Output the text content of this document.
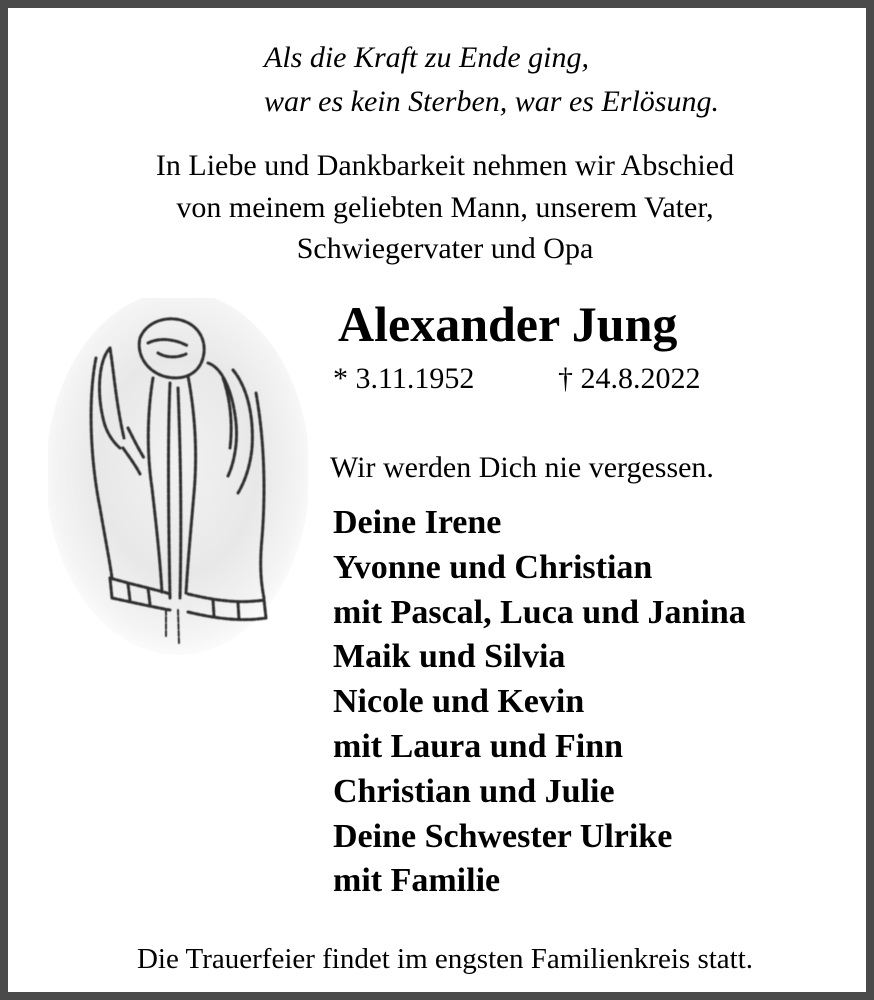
Als die Kraft zu Ende ging,
war es kein Sterben, war es Erlösung.
In Liebe und Dankbarkeit nehmen wir Abschied
von meinem geliebten Mann, unserem Vater,
Schwiegervater und Opa
Alexander Jung
* 3.11.1952	† 24.8.2022
Wir werden Dich nie vergessen.
Deine Irene
Yvonne und Christian
mit Pascal, Luca und Janina
Maik und Silvia
Nicole und Kevin
mit Laura und Finn
Christian und Julie
Deine Schwester Ulrike
mit Familie
Die Trauerfeier findet im engsten Familienkreis statt.
